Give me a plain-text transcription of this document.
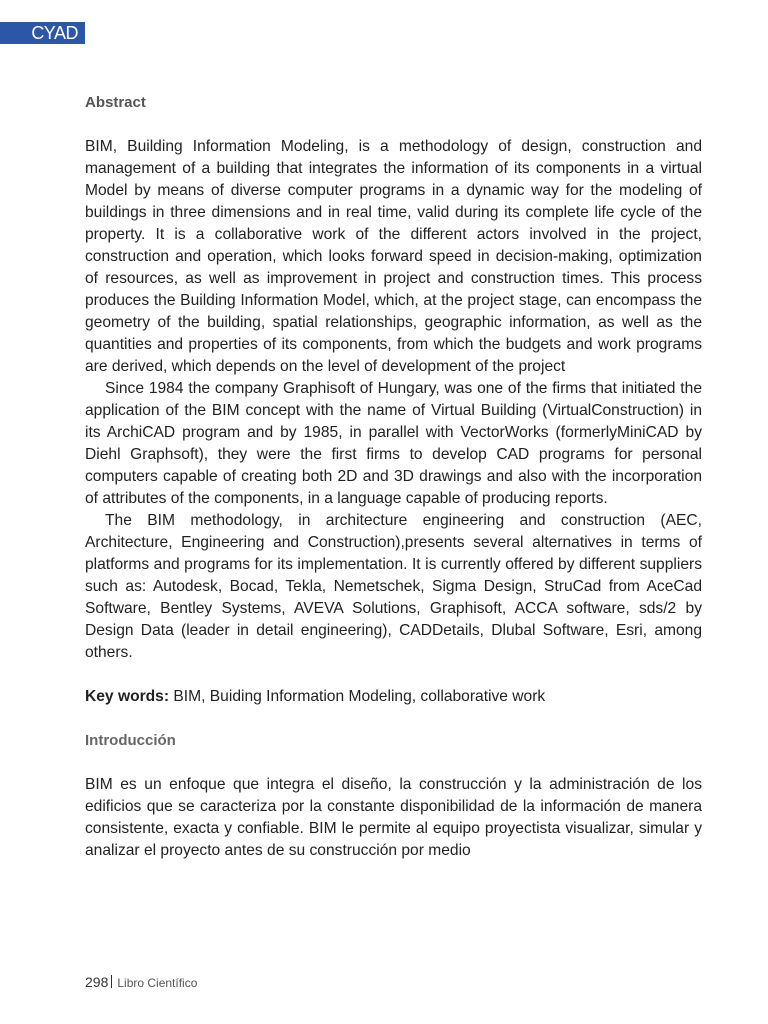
CYAD
Abstract

BIM, Building Information Modeling, is a methodology of design, construction and management of a building that integrates the information of its components in a virtual Model by means of diverse computer programs in a dynamic way for the modeling of buildings in three dimensions and in real time, valid during its complete life cycle of the property. It is a collaborative work of the different actors involved in the project, construction and operation, which looks forward speed in decision-making, optimization of resources, as well as improvement in project and construction times. This process produces the Building Information Model, which, at the project stage, can encompass the geometry of the building, spatial relationships, geographic information, as well as the quantities and properties of its components, from which the budgets and work programs are derived, which depends on the level of development of the project

Since 1984 the company Graphisoft of Hungary, was one of the firms that initiated the application of the BIM concept with the name of Virtual Building (VirtualConstruction) in its ArchiCAD program and by 1985, in parallel with VectorWorks (formerlyMiniCAD by Diehl Graphsoft), they were the first firms to develop CAD programs for personal computers capable of creating both 2D and 3D drawings and also with the incorporation of attributes of the components, in a language capable of producing reports.

The BIM methodology, in architecture engineering and construction (AEC, Architecture, Engineering and Construction),presents several alternatives in terms of platforms and programs for its implementation. It is currently offered by different suppliers such as: Autodesk, Bocad, Tekla, Nemetschek, Sigma Design, StruCad from AceCad Software, Bentley Systems, AVEVA Solutions, Graphisoft, ACCA software, sds/2 by Design Data (leader in detail engineering), CADDetails, Dlubal Software, Esri, among others.

Key words: BIM, Buiding Information Modeling, collaborative work

Introducción

BIM es un enfoque que integra el diseño, la construcción y la administración de los edificios que se caracteriza por la constante disponibilidad de la información de manera consistente, exacta y confiable. BIM le permite al equipo proyectista visualizar, simular y analizar el proyecto antes de su construcción por medio

298 Libro Científico
